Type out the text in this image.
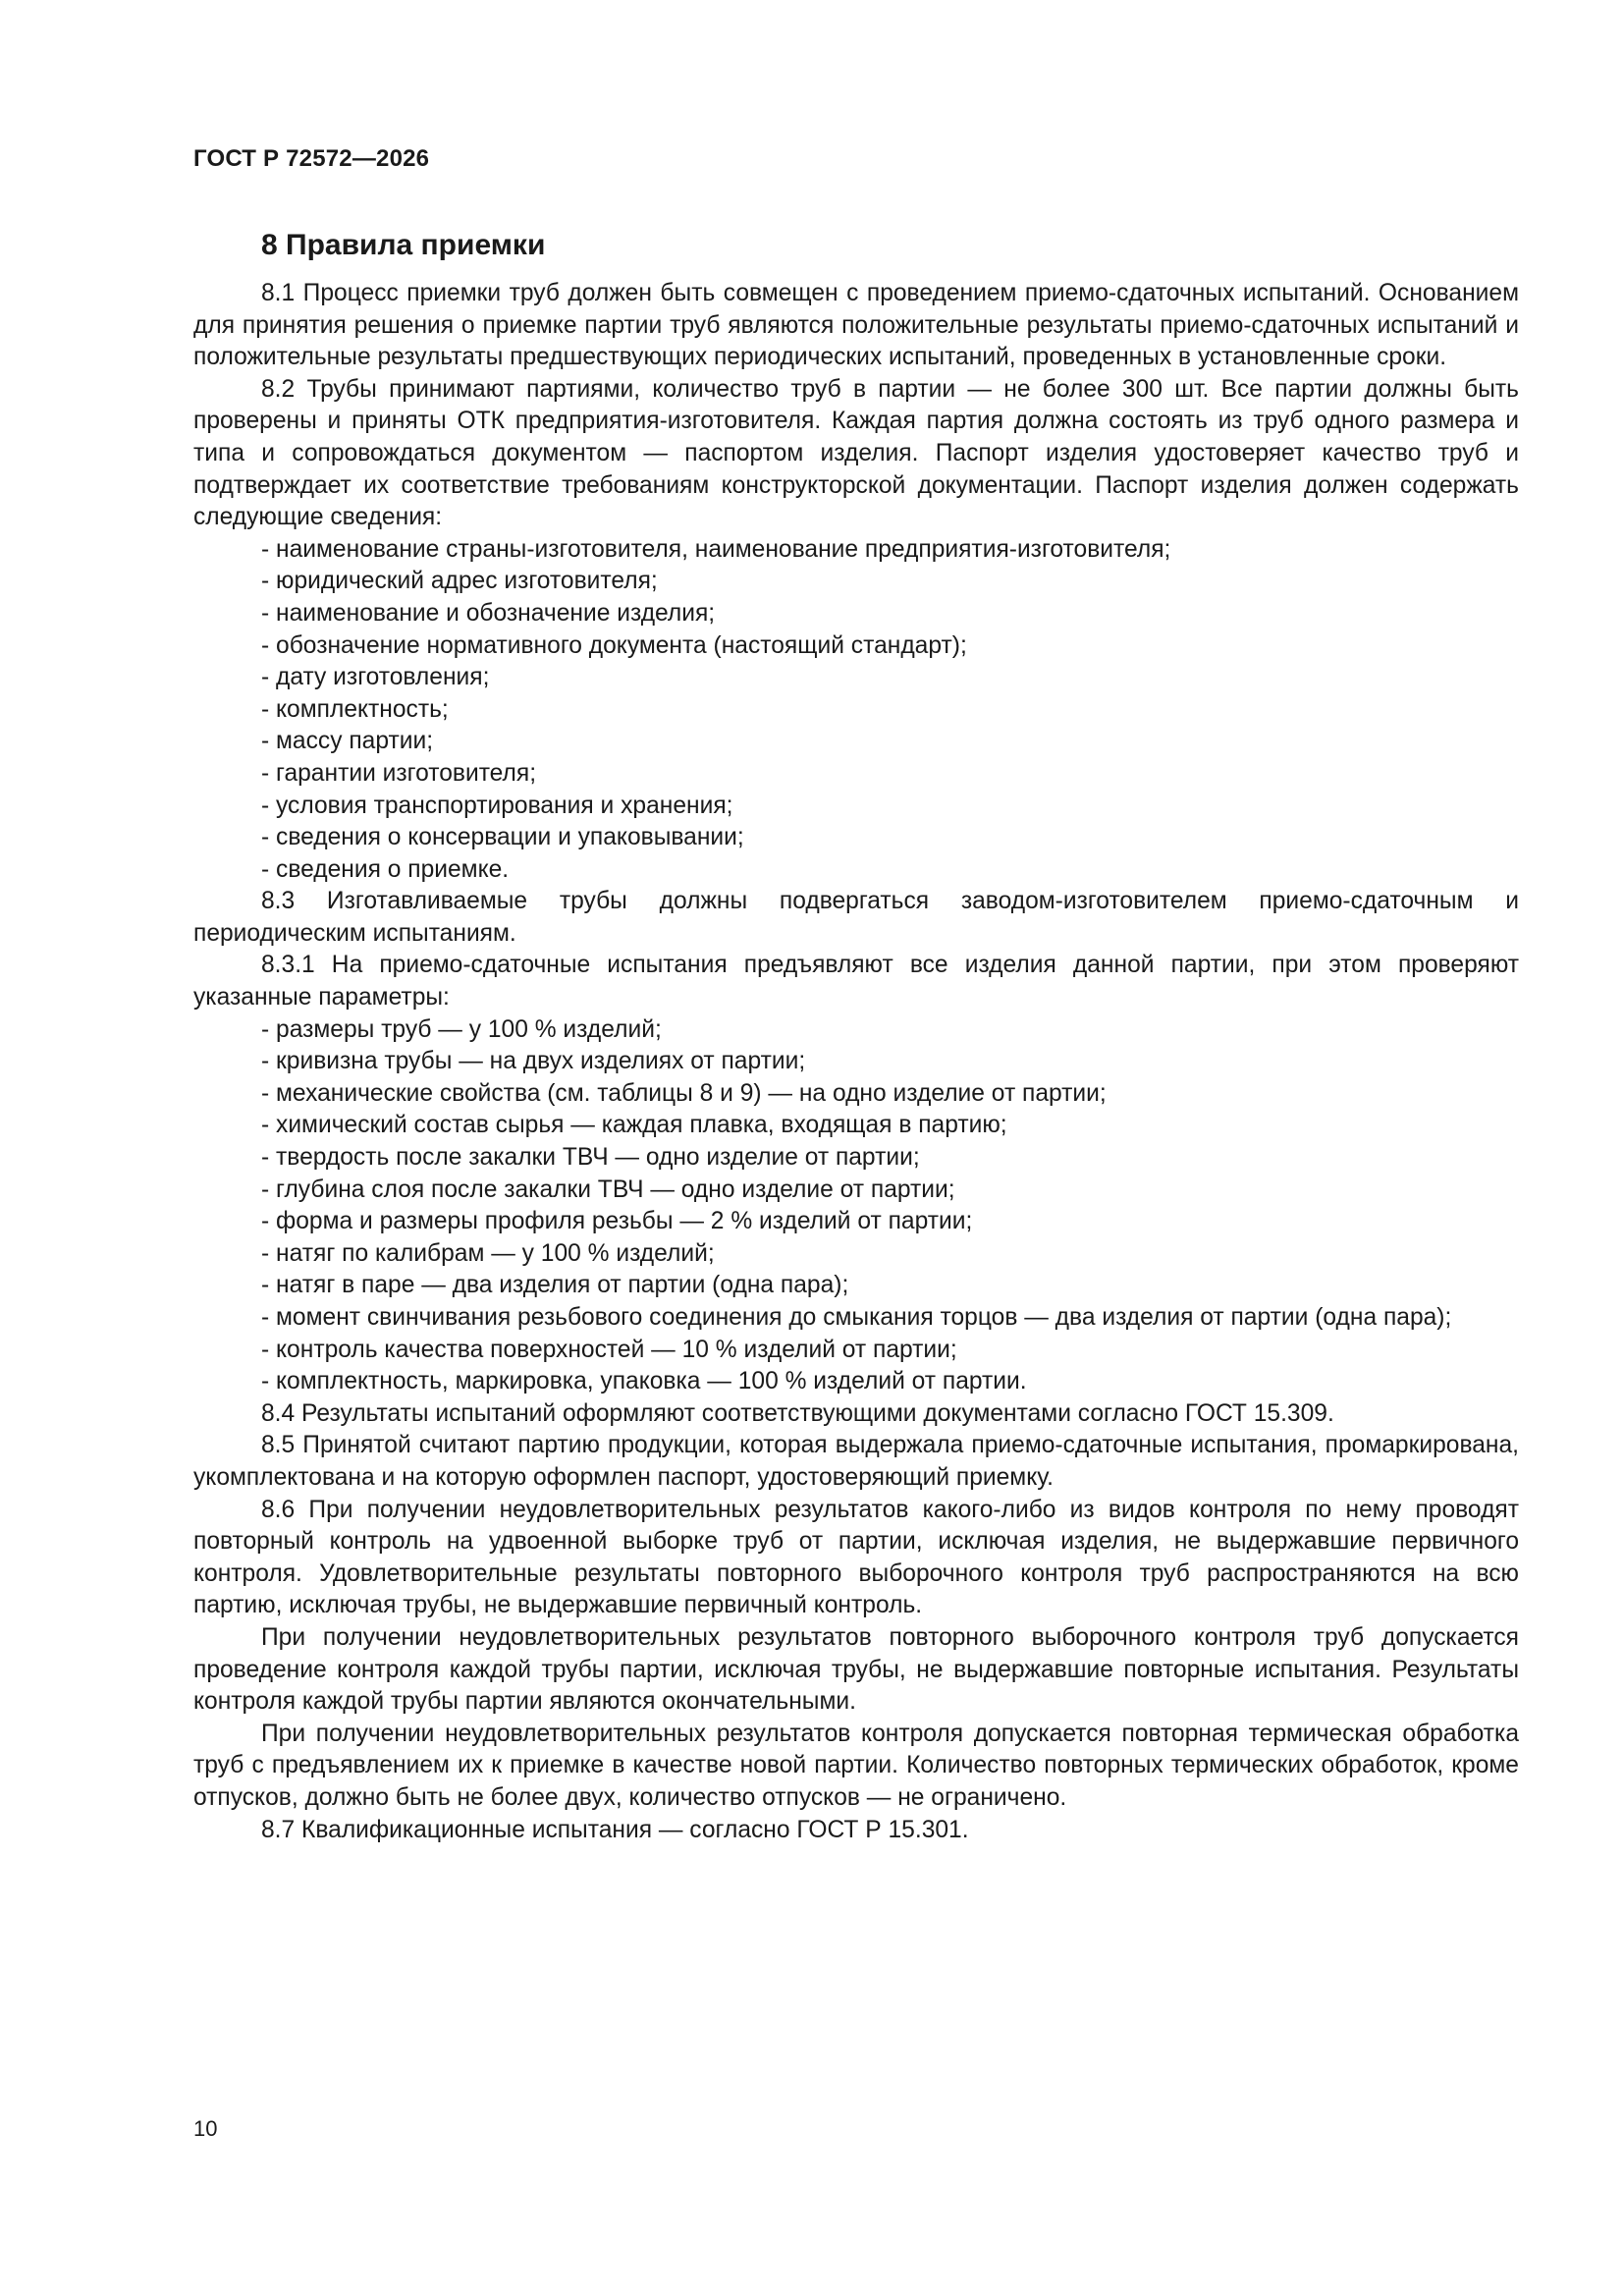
ГОСТ Р 72572—2026
8 Правила приемки

8.1 Процесс приемки труб должен быть совмещен с проведением приемо-сдаточных испытаний. Основанием для принятия решения о приемке партии труб являются положительные результаты приемо-сдаточных испытаний и положительные результаты предшествующих периодических испытаний, проведенных в установленные сроки.

8.2 Трубы принимают партиями, количество труб в партии — не более 300 шт. Все партии должны быть проверены и приняты ОТК предприятия-изготовителя. Каждая партия должна состоять из труб одного размера и типа и сопровождаться документом — паспортом изделия. Паспорт изделия удостоверяет качество труб и подтверждает их соответствие требованиям конструкторской документации. Паспорт изделия должен содержать следующие сведения:

- наименование страны-изготовителя, наименование предприятия-изготовителя;

- юридический адрес изготовителя;

- наименование и обозначение изделия;

- обозначение нормативного документа (настоящий стандарт);

- дату изготовления;

- комплектность;

- массу партии;

- гарантии изготовителя;

- условия транспортирования и хранения;

- сведения о консервации и упаковывании;

- сведения о приемке.

8.3 Изготавливаемые трубы должны подвергаться заводом-изготовителем приемо-сдаточным и периодическим испытаниям.

8.3.1 На приемо-сдаточные испытания предъявляют все изделия данной партии, при этом проверяют указанные параметры:

- размеры труб — у 100 % изделий;

- кривизна трубы — на двух изделиях от партии;

- механические свойства (см. таблицы 8 и 9) — на одно изделие от партии;

- химический состав сырья — каждая плавка, входящая в партию;

- твердость после закалки ТВЧ — одно изделие от партии;

- глубина слоя после закалки ТВЧ — одно изделие от партии;

- форма и размеры профиля резьбы — 2 % изделий от партии;

- натяг по калибрам — у 100 % изделий;

- натяг в паре — два изделия от партии (одна пара);

- момент свинчивания резьбового соединения до смыкания торцов — два изделия от партии (одна пара);

- контроль качества поверхностей — 10 % изделий от партии;

- комплектность, маркировка, упаковка — 100 % изделий от партии.

8.4 Результаты испытаний оформляют соответствующими документами согласно ГОСТ 15.309.

8.5 Принятой считают партию продукции, которая выдержала приемо-сдаточные испытания, промаркирована, укомплектована и на которую оформлен паспорт, удостоверяющий приемку.

8.6 При получении неудовлетворительных результатов какого-либо из видов контроля по нему проводят повторный контроль на удвоенной выборке труб от партии, исключая изделия, не выдержавшие первичного контроля. Удовлетворительные результаты повторного выборочного контроля труб распространяются на всю партию, исключая трубы, не выдержавшие первичный контроль.

При получении неудовлетворительных результатов повторного выборочного контроля труб допускается проведение контроля каждой трубы партии, исключая трубы, не выдержавшие повторные испытания. Результаты контроля каждой трубы партии являются окончательными.

При получении неудовлетворительных результатов контроля допускается повторная термическая обработка труб с предъявлением их к приемке в качестве новой партии. Количество повторных термических обработок, кроме отпусков, должно быть не более двух, количество отпусков — не ограничено.

8.7 Квалификационные испытания — согласно ГОСТ Р 15.301.

10
